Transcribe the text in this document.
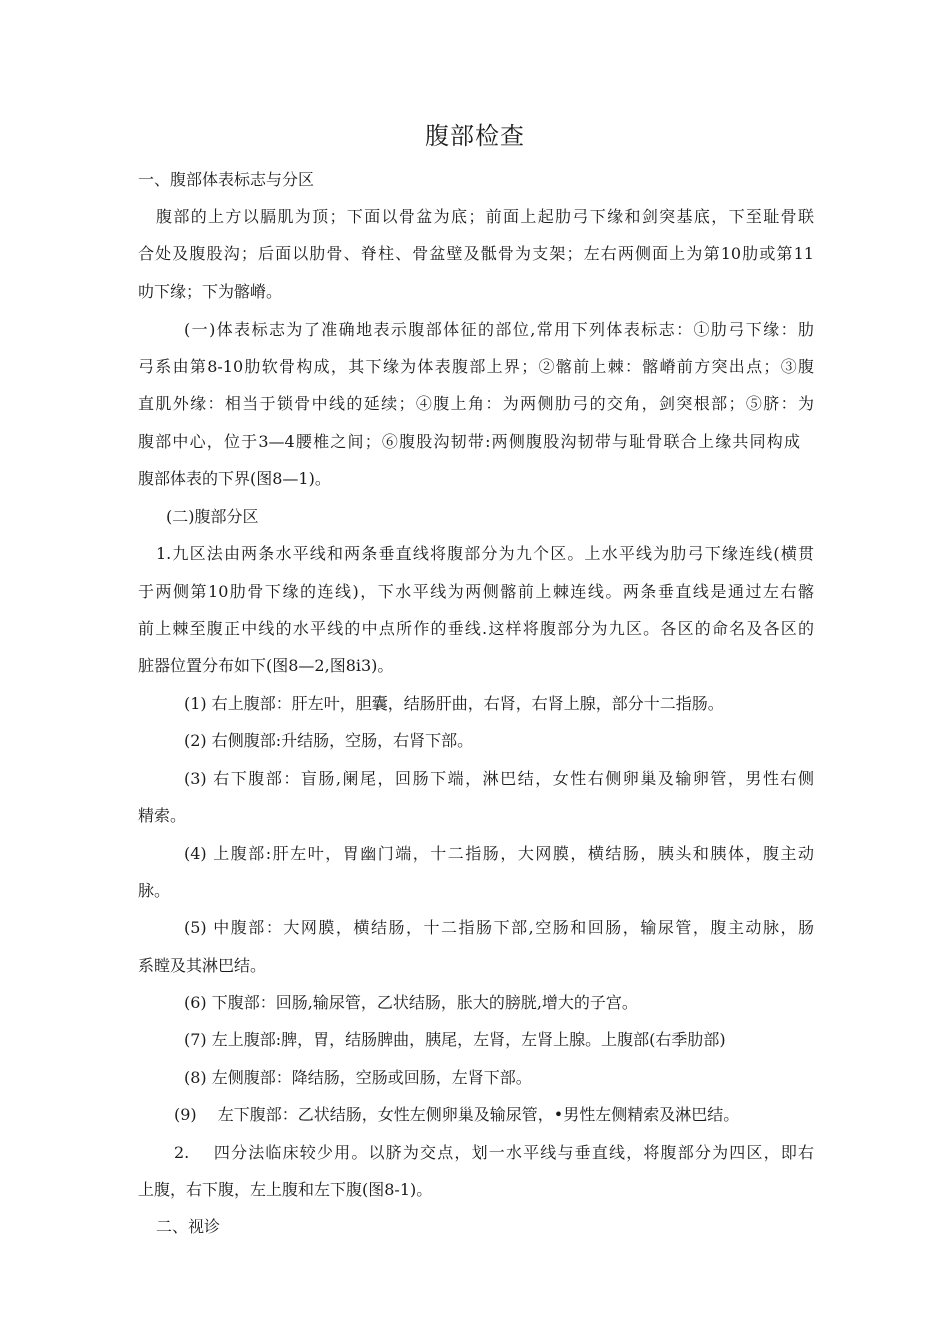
腹部检查
一、腹部体表标志与分区
腹部的上方以膈肌为顶；下面以骨盆为底；前面上起肋弓下缘和剑突基底，下至耻骨联
合处及腹股沟；后面以肋骨、脊柱、骨盆壁及骶骨为支架；左右两侧面上为第10肋或第11
叻下缘；下为髂嵴。
(一)体表标志为了准确地表示腹部体征的部位,常用下列体表标志：①肋弓下缘：肋
弓系由第8-10肋软骨构成，其下缘为体表腹部上界；②髂前上棘：髂嵴前方突出点；③腹
直肌外缘：相当于锁骨中线的延续；④腹上角：为两侧肋弓的交角，剑突根部；⑤脐：为
腹部中心，位于3—4腰椎之间；⑥腹股沟韧带:两侧腹股沟韧带与耻骨联合上缘共同构成
腹部体表的下界(图8—1)。
(二)腹部分区
1.九区法由两条水平线和两条垂直线将腹部分为九个区。上水平线为肋弓下缘连线(横贯
于两侧第10肋骨下缘的连线)，下水平线为两侧髂前上棘连线。两条垂直线是通过左右髂
前上棘至腹正中线的水平线的中点所作的垂线.这样将腹部分为九区。各区的命名及各区的
脏器位置分布如下(图8—2,图8i3)。
(1) 右上腹部：肝左叶，胆囊，结肠肝曲，右肾，右肾上腺，部分十二指肠。
(2) 右侧腹部:升结肠，空肠，右肾下部。
(3) 右下腹部：盲肠,阑尾，回肠下端，淋巴结，女性右侧卵巢及输卵管，男性右侧
精索。
(4) 上腹部:肝左叶，胃幽门端，十二指肠，大网膜，横结肠，胰头和胰体，腹主动
脉。
(5) 中腹部：大网膜，横结肠，十二指肠下部,空肠和回肠，输尿管，腹主动脉，肠
系瞠及其淋巴结。
(6) 下腹部：回肠,输尿管，乙状结肠，胀大的膀胱,增大的子宫。
(7) 左上腹部:脾，胃，结肠脾曲，胰尾，左肾，左肾上腺。上腹部(右季肋部)
(8) 左侧腹部：降结肠，空肠或回肠，左肾下部。
(9)　 左下腹部：乙状结肠，女性左侧卵巢及输尿管，•男性左侧精索及淋巴结。
2.　 四分法临床较少用。以脐为交点，划一水平线与垂直线，将腹部分为四区，即右
上腹，右下腹，左上腹和左下腹(图8-1)。
二、视诊
